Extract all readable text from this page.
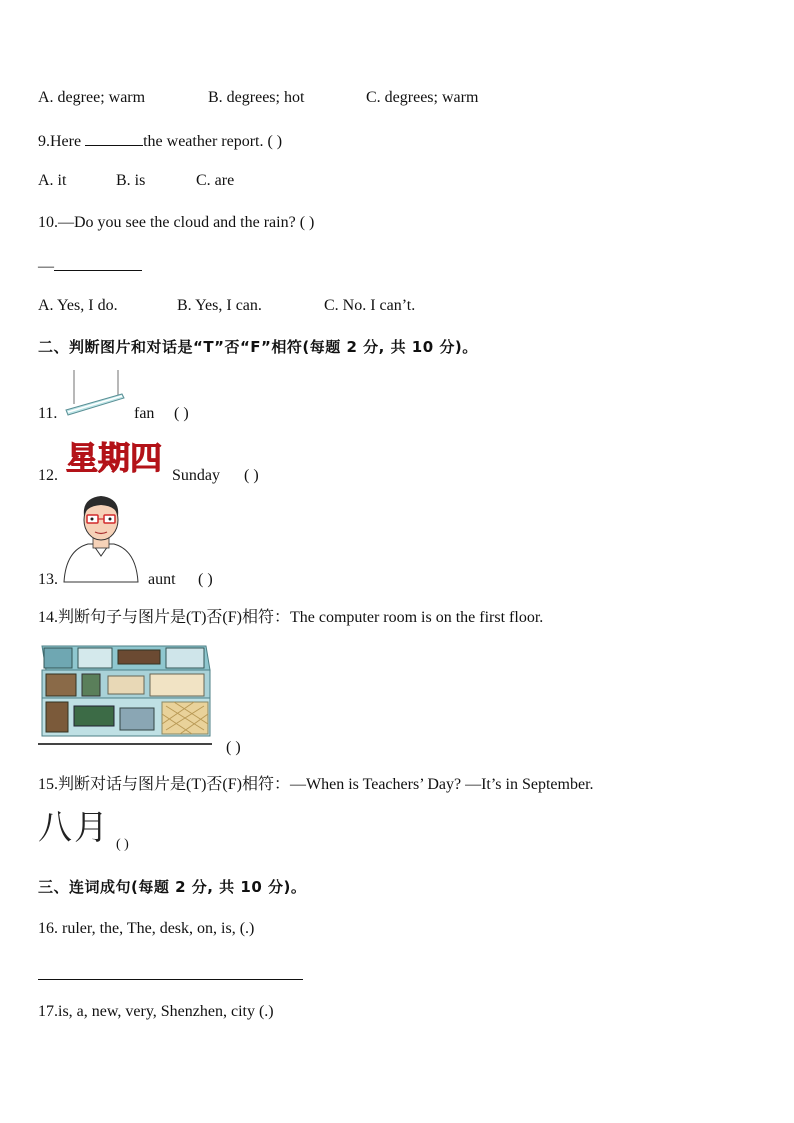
A. degree; warm	B. degrees; hot	C. degrees; warm
9.Here	the weather report. ( )
A. it	B. is	C. are
10.—Do you see the cloud and the rain? ( )
—
A. Yes, I do.	B. Yes, I can.	C. No. I can’t.
二、判断图片和对话是“T”否“F”相符(每题 2 分, 共 10 分)。
11.	fan ( )
星期四
12.	Sunday ( )
13.	aunt ( )
14.判断句子与图片是(T)否(F)相符：The computer room is on the first floor.
( )
15.判断对话与图片是(T)否(F)相符：—When is Teachers’ Day? —It’s in September.
八月 ( )
三、连词成句(每题 2 分, 共 10 分)。
16. ruler, the, The, desk, on, is, (.)
17.is, a, new, very, Shenzhen, city (.)
